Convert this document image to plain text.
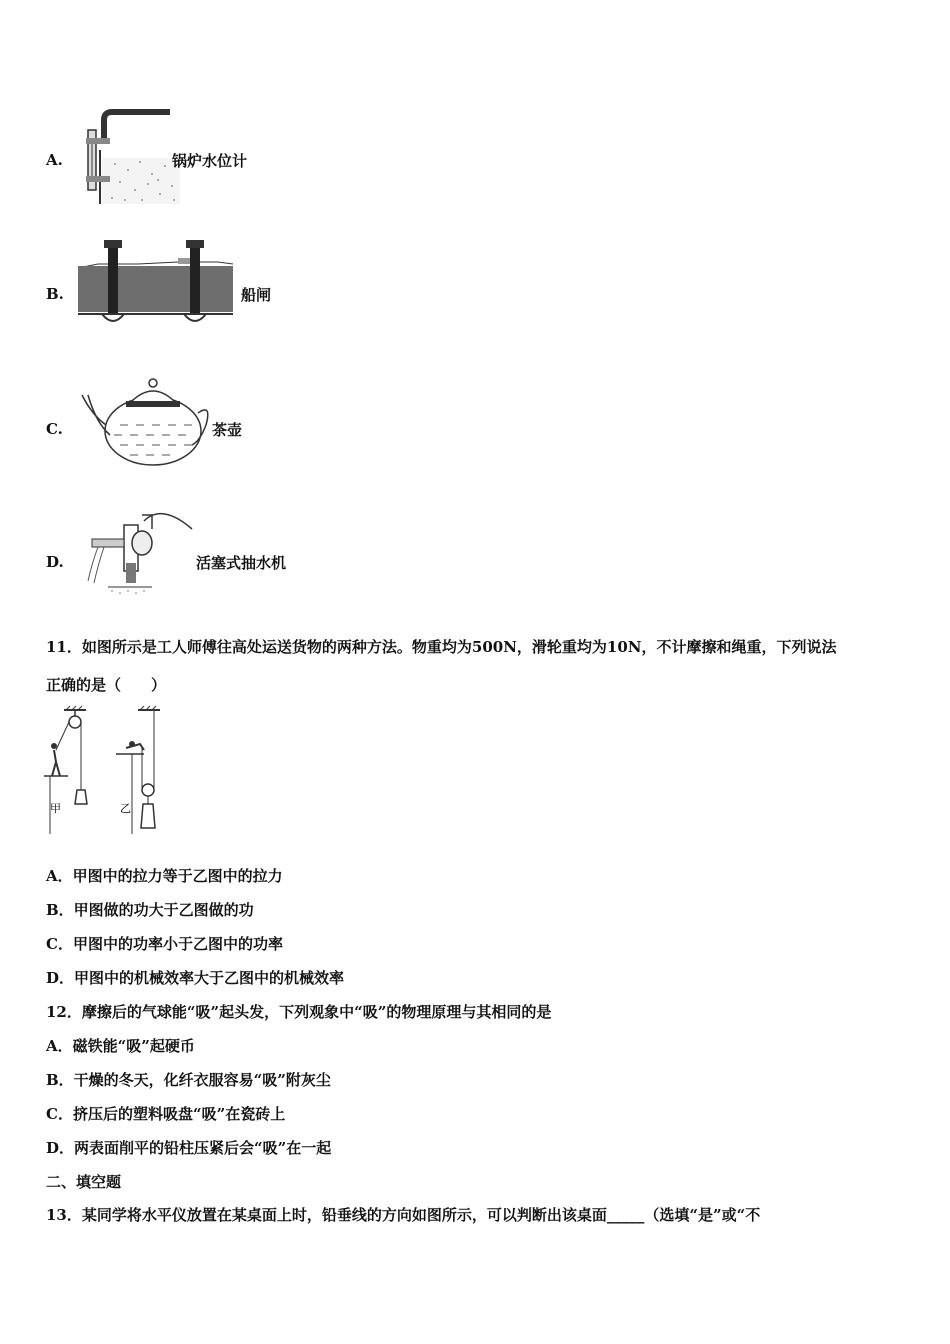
A.	锅炉水位计
B.	船闸
C.	茶壶
D.	活塞式抽水机
11．如图所示是工人师傅往高处运送货物的两种方法。物重均为500N，滑轮重均为10N，不计摩擦和绳重，下列说法
正确的是（　　）
甲	乙
A．甲图中的拉力等于乙图中的拉力
B．甲图做的功大于乙图做的功
C．甲图中的功率小于乙图中的功率
D．甲图中的机械效率大于乙图中的机械效率
12．摩擦后的气球能“吸”起头发，下列观象中“吸”的物理原理与其相同的是
A．磁铁能“吸”起硬币
B．干燥的冬天，化纤衣服容易“吸”附灰尘
C．挤压后的塑料吸盘“吸”在瓷砖上
D．两表面削平的铅柱压紧后会“吸”在一起
二、填空题
13．某同学将水平仪放置在某桌面上时，铅垂线的方向如图所示，可以判断出该桌面_____（选填“是”或“不
